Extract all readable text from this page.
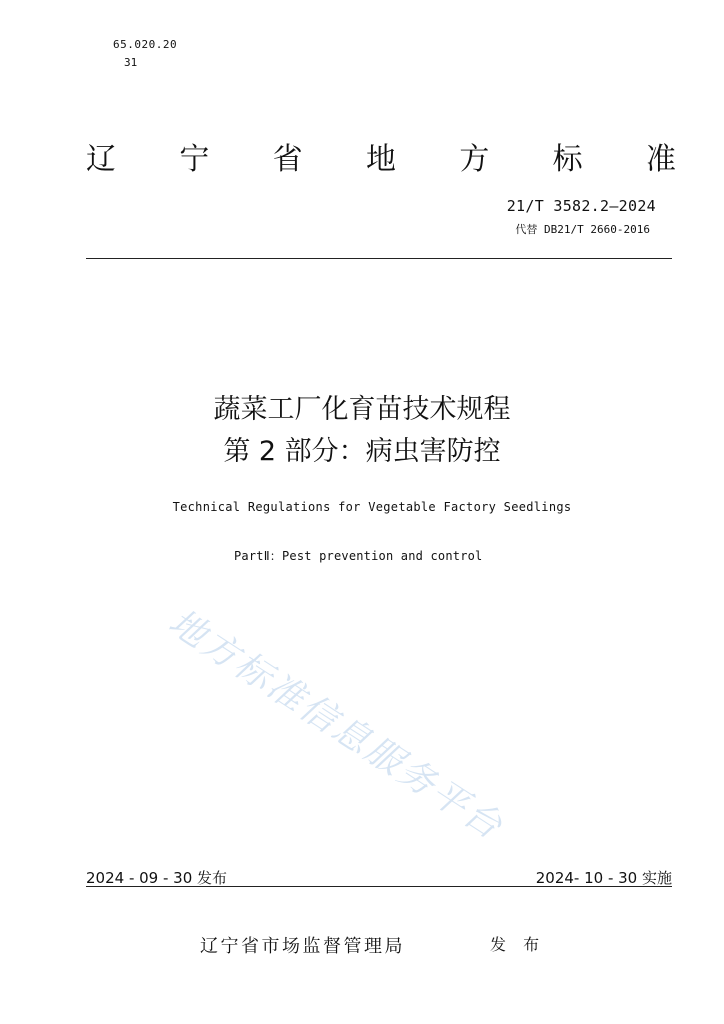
65.020.20
31
辽 宁 省 地 方 标 准
21/T 3582.2—2024
代替 DB21/T 2660-2016
蔬菜工厂化育苗技术规程
第 2 部分：病虫害防控
Technical Regulations for Vegetable Factory Seedlings
PartⅡ：Pest prevention and control
地方标准信息服务平台
2024 - 09 - 30 发布	2024- 10 - 30 实施
辽宁省市场监督管理局	发 布
